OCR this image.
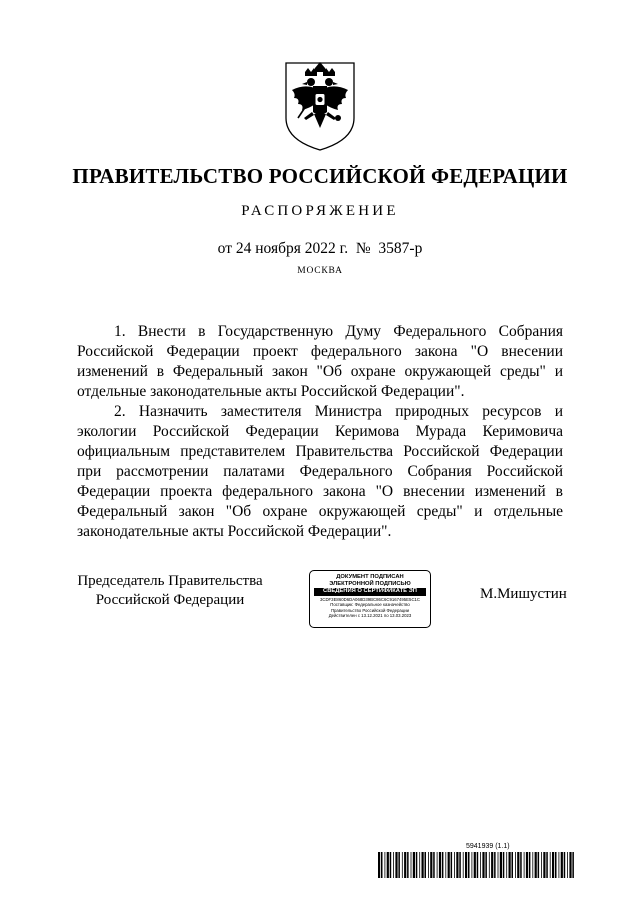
ПРАВИТЕЛЬСТВО РОССИЙСКОЙ ФЕДЕРАЦИИ
РАСПОРЯЖЕНИЕ
от 24 ноября 2022 г.  №  3587-р
МОСКВА

1. Внести в Государственную Думу Федерального Собрания Российской Федерации проект федерального закона "О внесении изменений в Федеральный закон "Об охране окружающей среды" и отдельные законодательные акты Российской Федерации".

2. Назначить заместителя Министра природных ресурсов и экологии Российской Федерации Керимова Мурада Керимовича официальным представителем Правительства Российской Федерации при рассмотрении палатами Федерального Собрания Российской Федерации проекта федерального закона "О внесении изменений в Федеральный закон "Об охране окружающей среды" и отдельные законодательные акты Российской Федерации".

Председатель Правительства
Российской Федерации
ДОКУМЕНТ ПОДПИСАН
ЭЛЕКТРОННОЙ ПОДПИСЬЮ
СВЕДЕНИЯ О СЕРТИФИКАТЕ ЭП
3CDF3E860D6DA068D39BC86C6C9167495E5C1C
Поставщик: Федеральное казначейство
Правительство Российской Федерации
Действителен с 13.12.2021 по 13.03.2023
М.Мишустин
5941939 (1.1)
